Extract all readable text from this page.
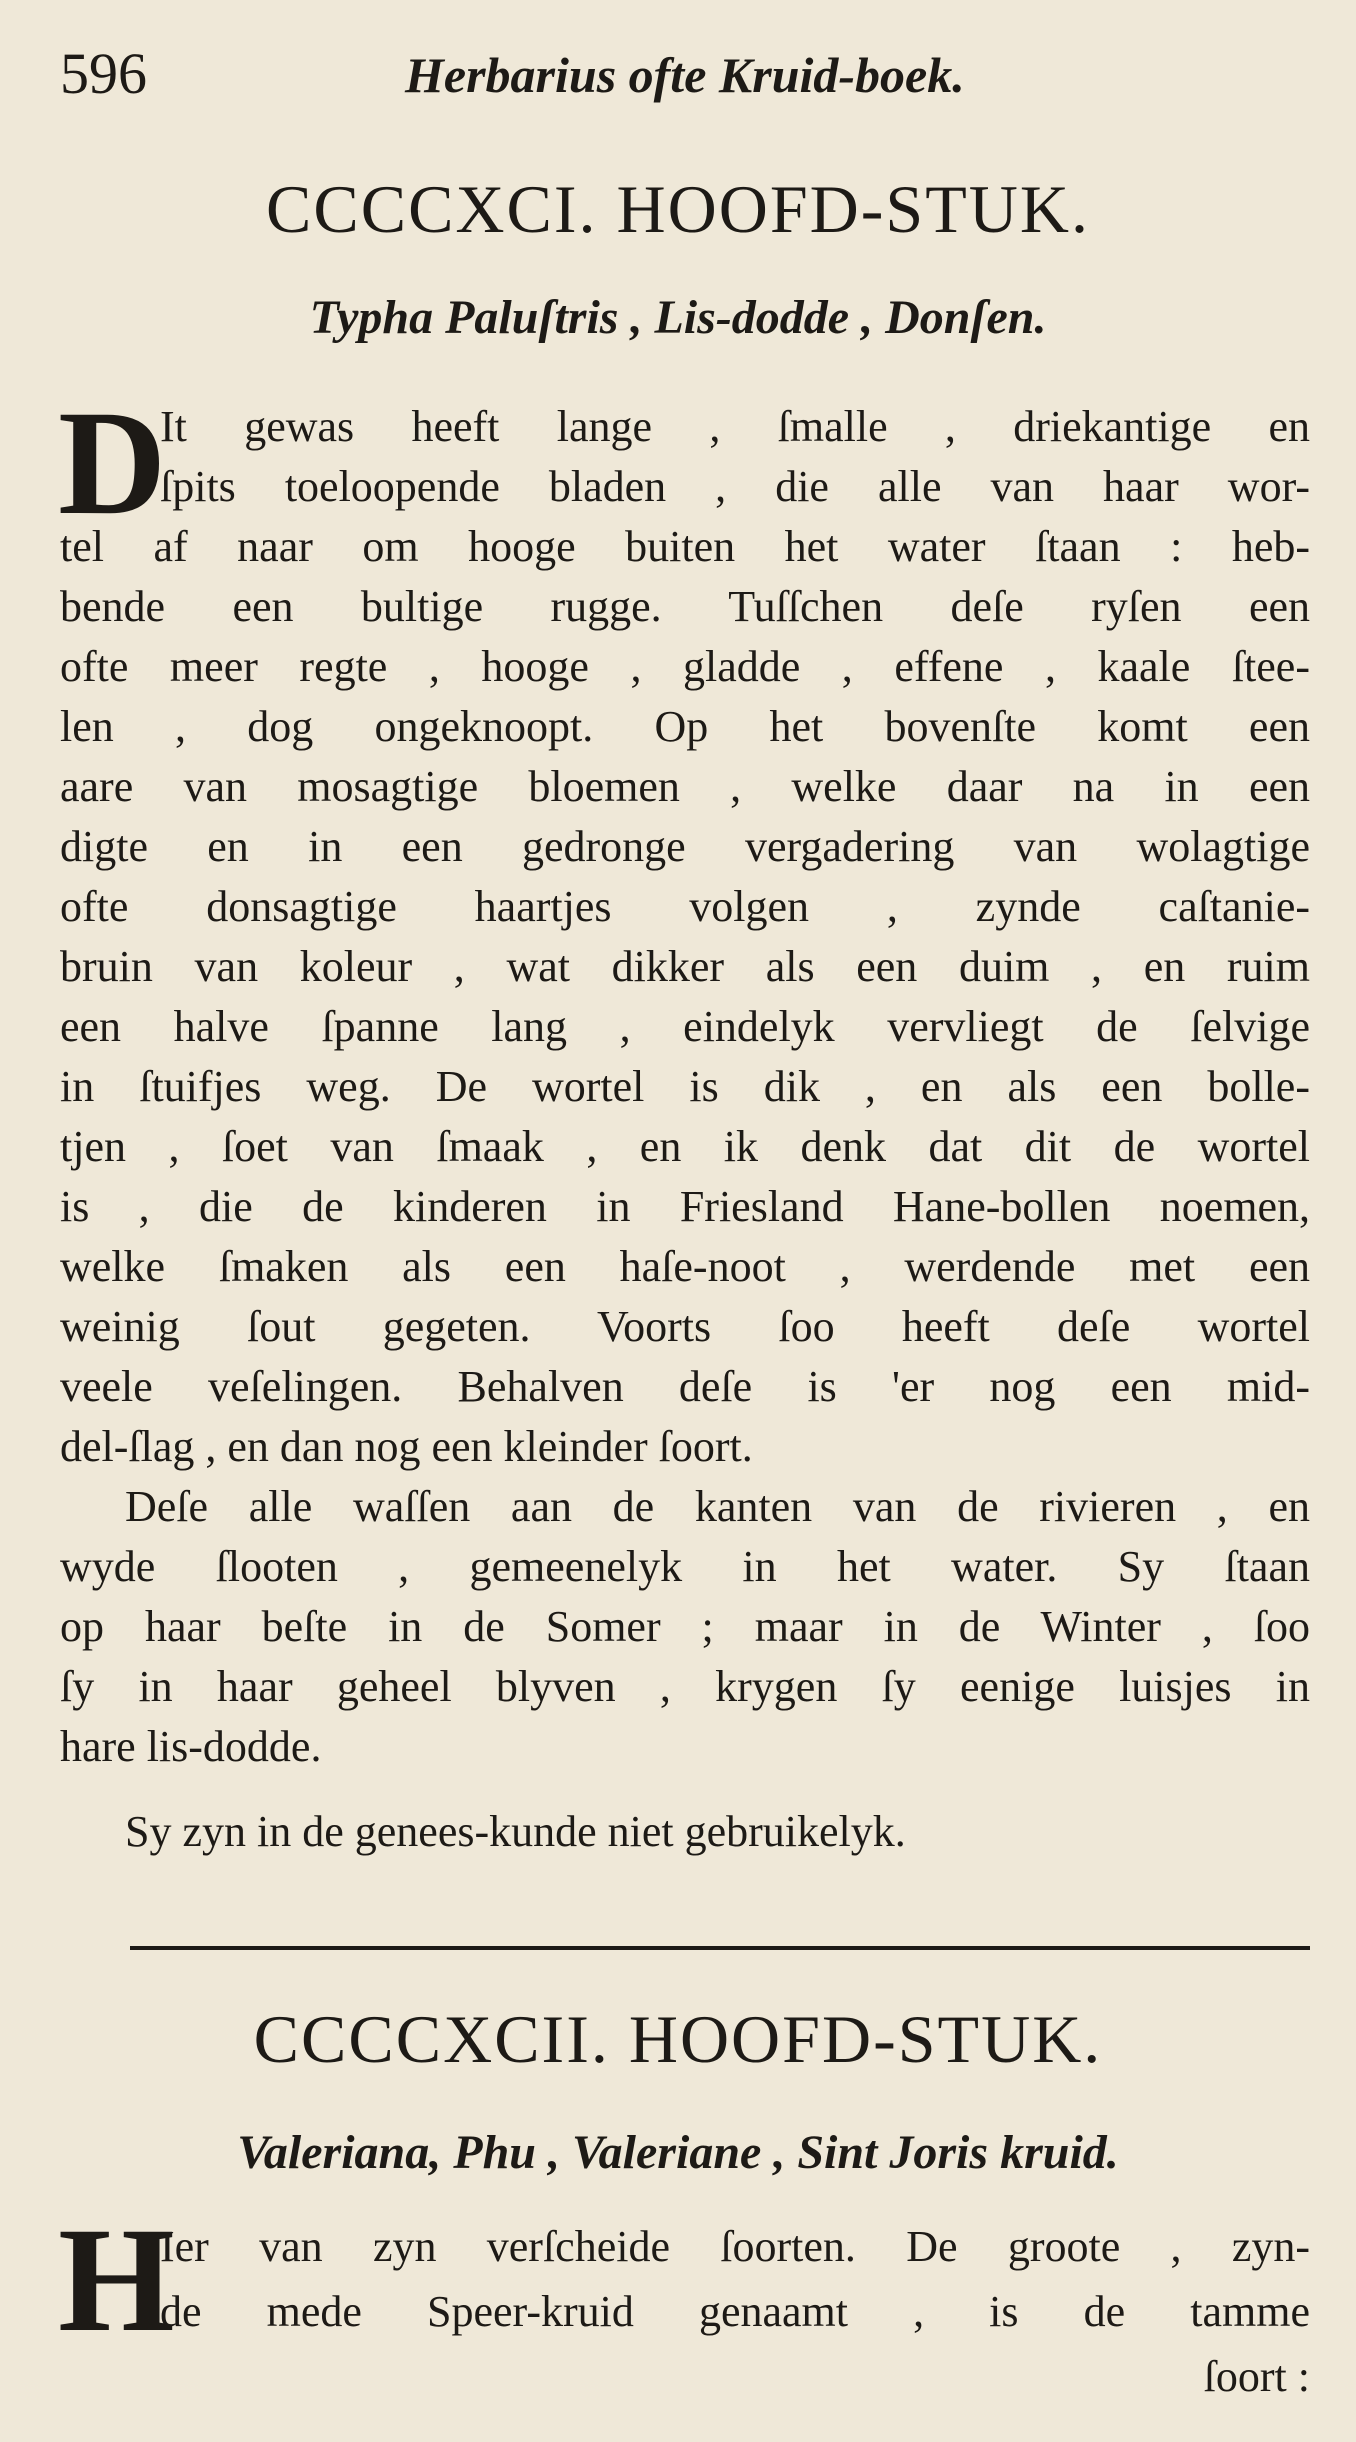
596	Herbarius ofte Kruid-boek.
CCCCXCI. HOOFD-STUK.
Typha Paluſtris , Lis-dodde , Donſen.
D
It gewas heeft lange , ſmalle , driekantige en
ſpits toeloopende bladen , die alle van haar wor-
tel af naar om hooge buiten het water ſtaan : heb-
bende een bultige rugge. Tuſſchen deſe ryſen een
ofte meer regte , hooge , gladde , effene , kaale ſtee-
len , dog ongeknoopt. Op het bovenſte komt een
aare van mosagtige bloemen , welke daar na in een
digte en in een gedronge vergadering van wolagtige
ofte donsagtige haartjes volgen , zynde caſtanie-
bruin van koleur , wat dikker als een duim , en ruim
een halve ſpanne lang , eindelyk vervliegt de ſelvige
in ſtuifjes weg. De wortel is dik , en als een bolle-
tjen , ſoet van ſmaak , en ik denk dat dit de wortel
is , die de kinderen in Friesland Hane-bollen noemen,
welke ſmaken als een haſe-noot , werdende met een
weinig ſout gegeten. Voorts ſoo heeft deſe wortel
veele veſelingen. Behalven deſe is 'er nog een mid-
del-ſlag , en dan nog een kleinder ſoort.
Deſe alle waſſen aan de kanten van de rivieren , en
wyde ſlooten , gemeenelyk in het water. Sy ſtaan
op haar beſte in de Somer ; maar in de Winter , ſoo
ſy in haar geheel blyven , krygen ſy eenige luisjes in
hare lis-dodde.
Sy zyn in de genees-kunde niet gebruikelyk.
CCCCXCII. HOOFD-STUK.
Valeriana, Phu , Valeriane , Sint Joris kruid.
H
Ier van zyn verſcheide ſoorten. De groote , zyn-
de mede Speer-kruid genaamt , is de tamme
ſoort :
